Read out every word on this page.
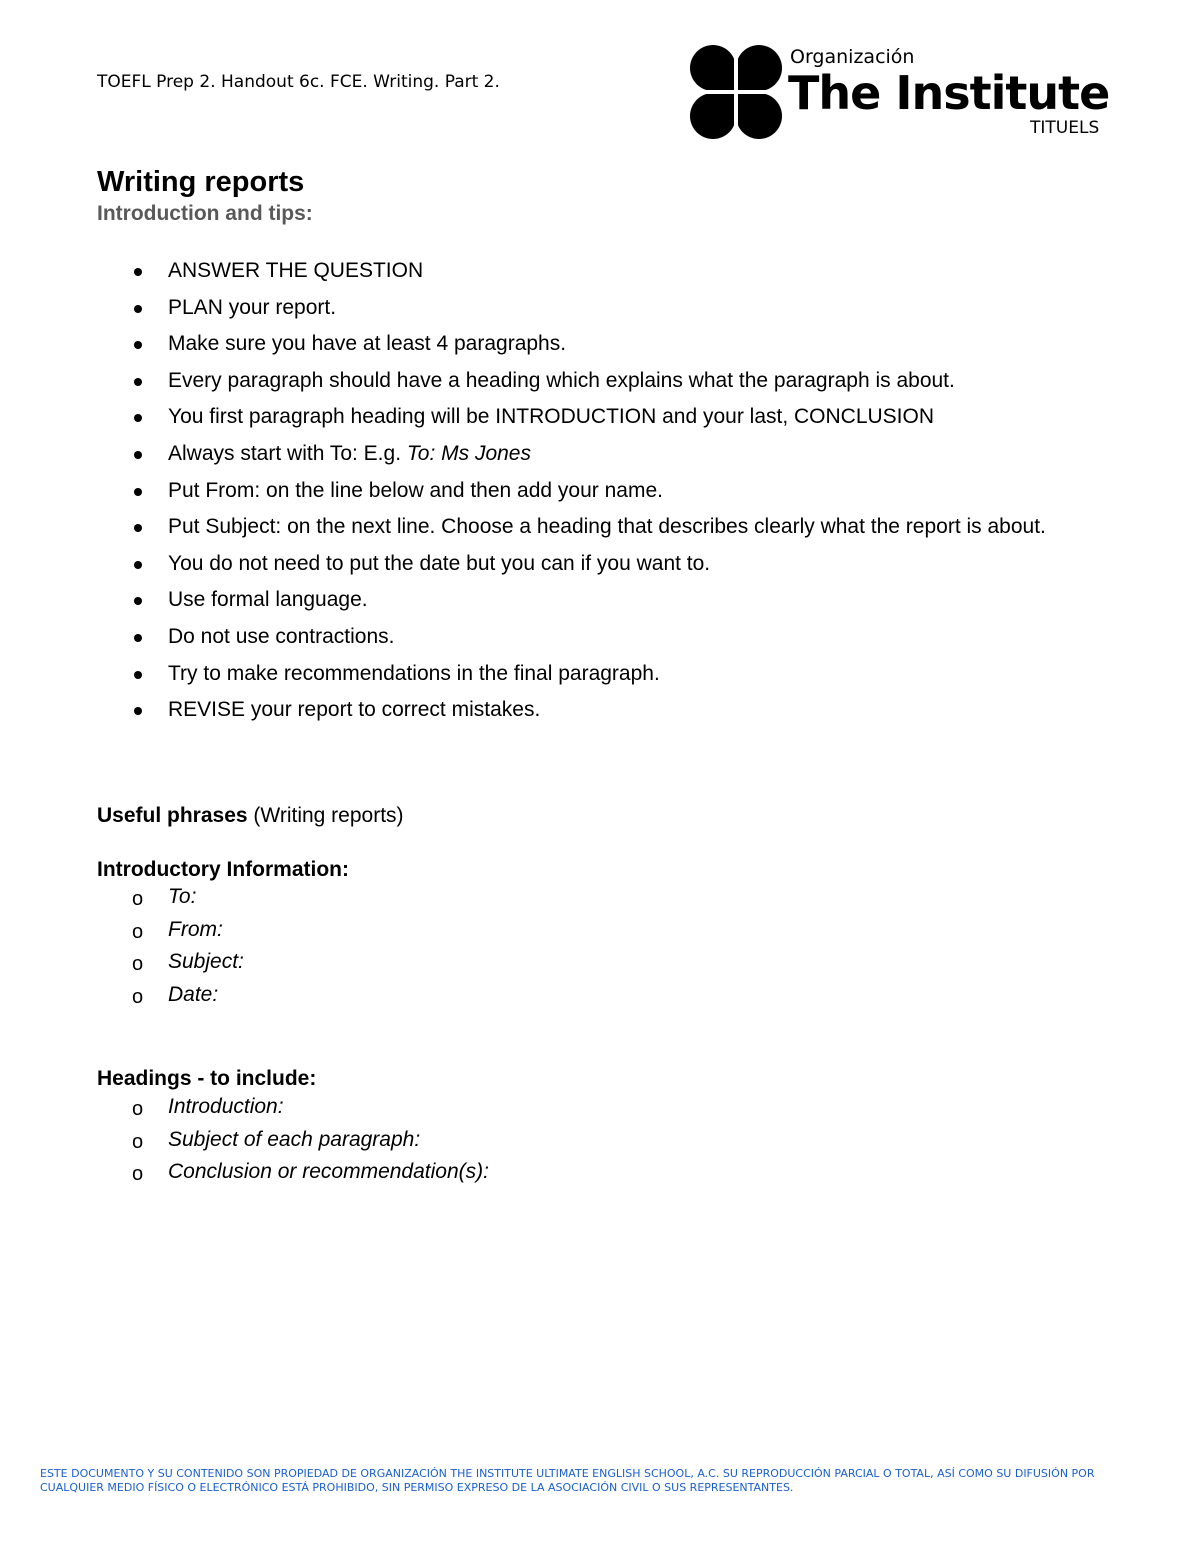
TOEFL Prep 2. Handout 6c. FCE. Writing. Part 2.
Organización
The Institute
TITUELS
Writing reports
Introduction and tips:
ANSWER THE QUESTION
PLAN your report.
Make sure you have at least 4 paragraphs.
Every paragraph should have a heading which explains what the paragraph is about.
You first paragraph heading will be INTRODUCTION and your last, CONCLUSION
Always start with To: E.g. To: Ms Jones
Put From: on the line below and then add your name.
Put Subject: on the next line. Choose a heading that describes clearly what the report is about.
You do not need to put the date but you can if you want to.
Use formal language.
Do not use contractions.
Try to make recommendations in the final paragraph.
REVISE your report to correct mistakes.
Useful phrases (Writing reports)
Introductory Information:
o To:
o From:
o Subject:
o Date:
Headings - to include:
o Introduction:
o Subject of each paragraph:
o Conclusion or recommendation(s):
ESTE DOCUMENTO Y SU CONTENIDO SON PROPIEDAD DE ORGANIZACIÓN THE INSTITUTE ULTIMATE ENGLISH SCHOOL, A.C. SU REPRODUCCIÓN PARCIAL O TOTAL, ASÍ COMO SU DIFUSIÓN POR CUALQUIER MEDIO FÍSICO O ELECTRÓNICO ESTÁ PROHIBIDO, SIN PERMISO EXPRESO DE LA ASOCIACIÓN CIVIL O SUS REPRESENTANTES.
